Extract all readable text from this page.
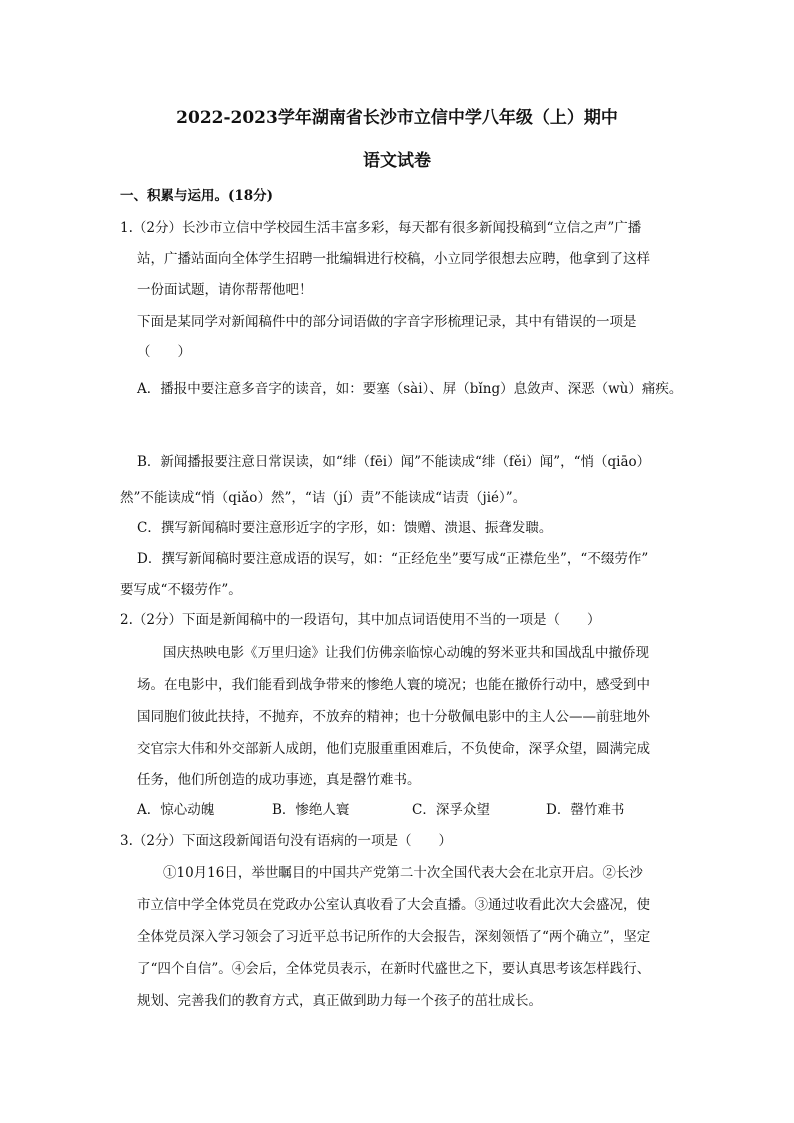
2022-2023学年湖南省长沙市立信中学八年级（上）期中
语文试卷
一、积累与运用。(18分)
1.（2分）长沙市立信中学校园生活丰富多彩，每天都有很多新闻投稿到“立信之声”广播
站，广播站面向全体学生招聘一批编辑进行校稿，小立同学很想去应聘，他拿到了这样
一份面试题，请你帮帮他吧！
下面是某同学对新闻稿件中的部分词语做的字音字形梳理记录，其中有错误的一项是
（　　）
A．播报中要注意多音字的读音，如：要塞（sài）、屏（bǐng）息敛声、深恶（wù）痛疾。
B．新闻播报要注意日常误读，如“绯（fēi）闻”不能读成“绯（fěi）闻”，“悄（qiāo）
然”不能读成“悄（qiǎo）然”，“诘（jí）责”不能读成“诘责（jié）”。
C．撰写新闻稿时要注意形近字的字形，如：馈赠、溃退、振聋发聩。
D．撰写新闻稿时要注意成语的误写，如：“正经危坐”要写成“正襟危坐”，“不缀劳作”
要写成“不辍劳作”。
2.（2分）下面是新闻稿中的一段语句，其中加点词语使用不当的一项是（　　）
国庆热映电影《万里归途》让我们仿佛亲临惊心动魄的努米亚共和国战乱中撤侨现
场。在电影中，我们能看到战争带来的惨绝人寰的境况；也能在撤侨行动中，感受到中
国同胞们彼此扶持，不抛弃，不放弃的精神；也十分敬佩电影中的主人公——前驻地外
交官宗大伟和外交部新人成朗，他们克服重重困难后，不负使命，深孚众望，圆满完成
任务，他们所创造的成功事迹，真是罄竹难书。
A．惊心动魄	B．惨绝人寰	C．深孚众望	D．罄竹难书
3.（2分）下面这段新闻语句没有语病的一项是（　　）
①10月16日，举世瞩目的中国共产党第二十次全国代表大会在北京开启。②长沙
市立信中学全体党员在党政办公室认真收看了大会直播。③通过收看此次大会盛况，使
全体党员深入学习领会了习近平总书记所作的大会报告，深刻领悟了“两个确立”，坚定
了“四个自信”。④会后，全体党员表示，在新时代盛世之下，要认真思考该怎样践行、
规划、完善我们的教育方式，真正做到助力每一个孩子的茁壮成长。
